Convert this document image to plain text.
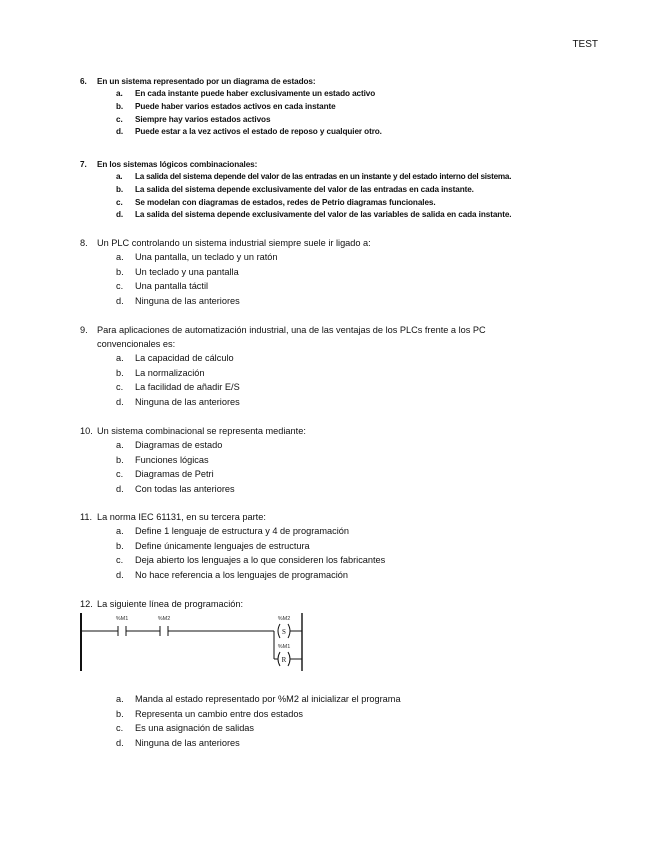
TEST
6. En un sistema representado por un diagrama de estados:
a. En cada instante puede haber exclusivamente un estado activo
b. Puede haber varios estados activos en cada instante
c. Siempre hay varios estados activos
d. Puede estar a la vez activos el estado de reposo y cualquier otro.
7. En los sistemas lógicos combinacionales:
a. La salida del sistema depende del valor de las entradas en un instante y del estado interno del sistema.
b. La salida del sistema depende exclusivamente del valor de las entradas en cada instante.
c. Se modelan con diagramas de estados, redes de Petrio diagramas funcionales.
d. La salida del sistema depende exclusivamente del valor de las variables de salida en cada instante.
8. Un PLC controlando un sistema industrial siempre suele ir ligado a:
a. Una pantalla, un teclado y un ratón
b. Un teclado y una pantalla
c. Una pantalla táctil
d. Ninguna de las anteriores
9. Para aplicaciones de automatización industrial, una de las ventajas de los PLCs frente a los PC
convencionales es:
a. La capacidad de cálculo
b. La normalización
c. La facilidad de añadir E/S
d. Ninguna de las anteriores
10. Un sistema combinacional se representa mediante:
a. Diagramas de estado
b. Funciones lógicas
c. Diagramas de Petri
d. Con todas las anteriores
11. La norma IEC 61131, en su tercera parte:
a. Define 1 lenguaje de estructura y 4 de programación
b. Define únicamente lenguajes de estructura
c. Deja abierto los lenguajes a lo que consideren los fabricantes
d. No hace referencia a los lenguajes de programación
12. La siguiente línea de programación:
%M1	%M2
S
%M2
R
%M1
a. Manda al estado representado por %M2 al inicializar el programa
b. Representa un cambio entre dos estados
c. Es una asignación de salidas
d. Ninguna de las anteriores
